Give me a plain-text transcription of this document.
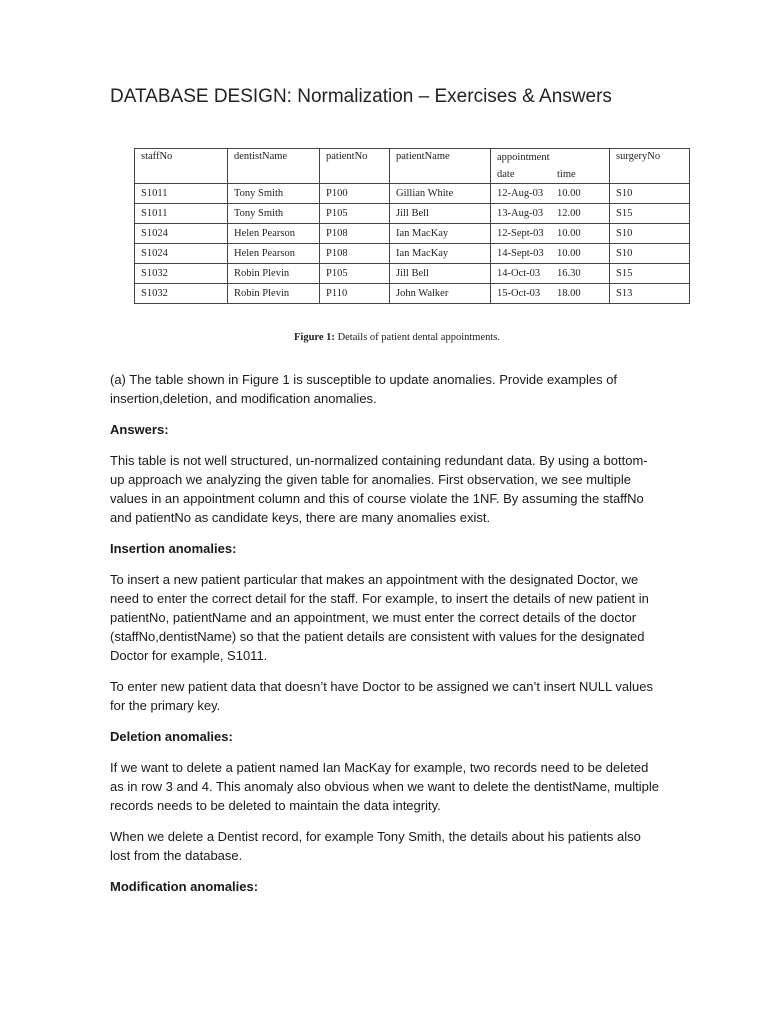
DATABASE DESIGN: Normalization – Exercises & Answers
staffNo	dentistName	patientNo	patientName	appointment	surgeryNo
				date time	
S1011	Tony Smith	P100	Gillian White	12-Aug-03 10.00	S10
S1011	Tony Smith	P105	Jill Bell	13-Aug-03 12.00	S15
S1024	Helen Pearson	P108	Ian MacKay	12-Sept-03 10.00	S10
S1024	Helen Pearson	P108	Ian MacKay	14-Sept-03 10.00	S10
S1032	Robin Plevin	P105	Jill Bell	14-Oct-03 16.30	S15
S1032	Robin Plevin	P110	John Walker	15-Oct-03 18.00	S13
Figure 1: Details of patient dental appointments.

(a) The table shown in Figure 1 is susceptible to update anomalies. Provide examples of insertion,deletion, and modification anomalies.

Answers:

This table is not well structured, un-normalized containing redundant data. By using a bottom-up approach we analyzing the given table for anomalies. First observation, we see multiple values in an appointment column and this of course violate the 1NF. By assuming the staffNo and patientNo as candidate keys, there are many anomalies exist.

Insertion anomalies:

To insert a new patient particular that makes an appointment with the designated Doctor, we need to enter the correct detail for the staff. For example, to insert the details of new patient in patientNo, patientName and an appointment, we must enter the correct details of the doctor (staffNo,dentistName) so that the patient details are consistent with values for the designated Doctor for example, S1011.

To enter new patient data that doesn’t have Doctor to be assigned we can’t insert NULL values for the primary key.

Deletion anomalies:

If we want to delete a patient named Ian MacKay for example, two records need to be deleted as in row 3 and 4. This anomaly also obvious when we want to delete the dentistName, multiple records needs to be deleted to maintain the data integrity.

When we delete a Dentist record, for example Tony Smith, the details about his patients also lost from the database.

Modification anomalies:
